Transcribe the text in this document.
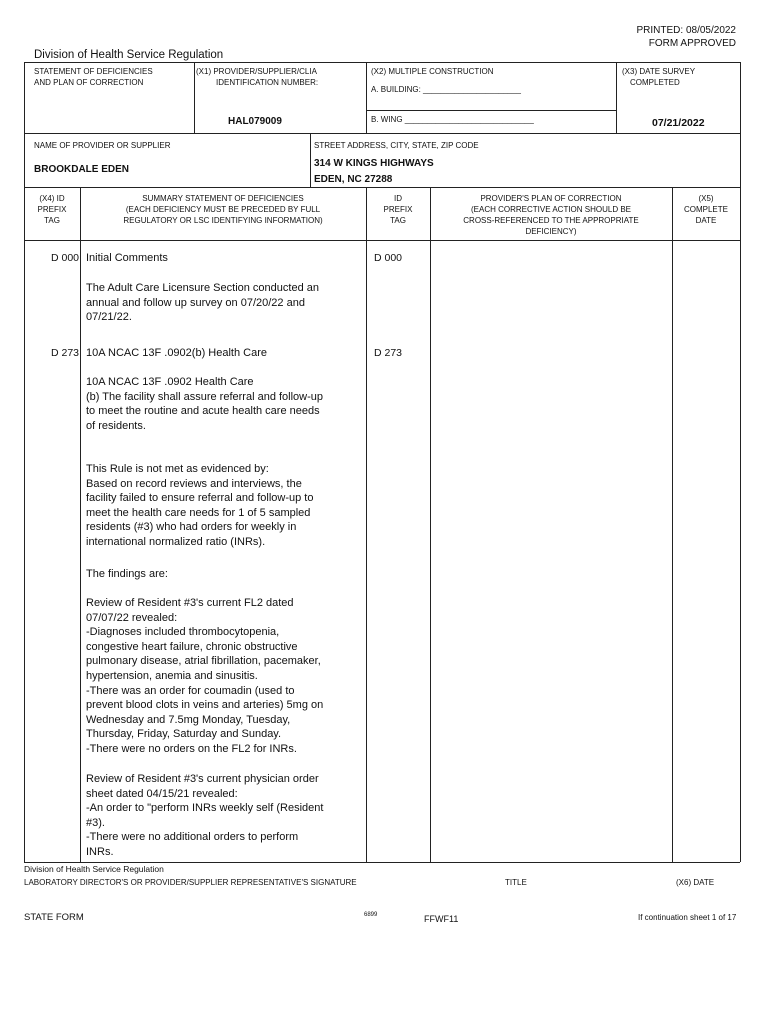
PRINTED: 08/05/2022
FORM APPROVED
Division of Health Service Regulation
STATEMENT OF DEFICIENCIES
AND PLAN OF CORRECTION
(X1) PROVIDER/SUPPLIER/CLIA
IDENTIFICATION NUMBER:
HAL079009
(X2) MULTIPLE CONSTRUCTION
A. BUILDING: ______________________
B. WING _____________________________
(X3) DATE SURVEY
COMPLETED
07/21/2022
NAME OF PROVIDER OR SUPPLIER
BROOKDALE EDEN
STREET ADDRESS, CITY, STATE, ZIP CODE
314 W KINGS HIGHWAYS
EDEN, NC 27288
(X4) ID
PREFIX
TAG
SUMMARY STATEMENT OF DEFICIENCIES
(EACH DEFICIENCY MUST BE PRECEDED BY FULL
REGULATORY OR LSC IDENTIFYING INFORMATION)
ID
PREFIX
TAG
PROVIDER'S PLAN OF CORRECTION
(EACH CORRECTIVE ACTION SHOULD BE
CROSS-REFERENCED TO THE APPROPRIATE
DEFICIENCY)
(X5)
COMPLETE
DATE
D 000 Initial Comments	D 000
The Adult Care Licensure Section conducted an
annual and follow up survey on 07/20/22 and
07/21/22.
D 273 10A NCAC 13F .0902(b) Health Care	D 273
10A NCAC 13F .0902 Health Care
(b) The facility shall assure referral and follow-up
to meet the routine and acute health care needs
of residents.
This Rule is not met as evidenced by:
Based on record reviews and interviews, the
facility failed to ensure referral and follow-up to
meet the health care needs for 1 of 5 sampled
residents (#3) who had orders for weekly in
international normalized ratio (INRs).
The findings are:
Review of Resident #3's current FL2 dated
07/07/22 revealed:
-Diagnoses included thrombocytopenia,
congestive heart failure, chronic obstructive
pulmonary disease, atrial fibrillation, pacemaker,
hypertension, anemia and sinusitis.
-There was an order for coumadin (used to
prevent blood clots in veins and arteries) 5mg on
Wednesday and 7.5mg Monday, Tuesday,
Thursday, Friday, Saturday and Sunday.
-There were no orders on the FL2 for INRs.
Review of Resident #3's current physician order
sheet dated 04/15/21 revealed:
-An order to "perform INRs weekly self (Resident
#3).
-There were no additional orders to perform
INRs.
Division of Health Service Regulation
LABORATORY DIRECTOR'S OR PROVIDER/SUPPLIER REPRESENTATIVE'S SIGNATURE	TITLE	(X6) DATE
STATE FORM	6899	FFWF11	If continuation sheet 1 of 17
